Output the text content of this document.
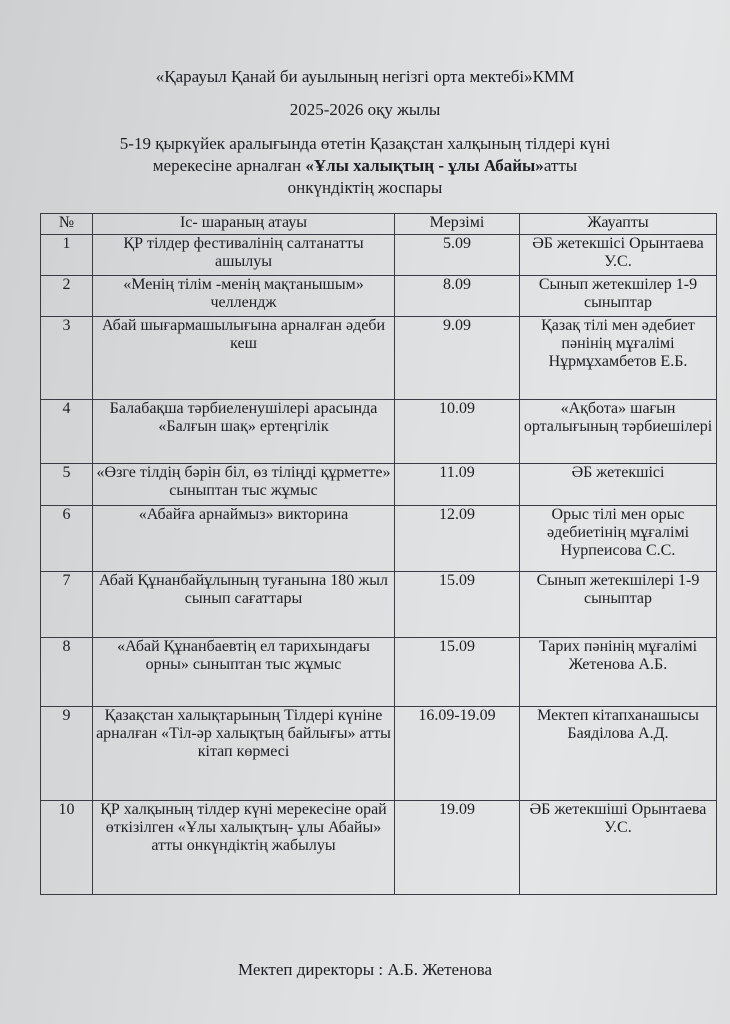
«Қарауыл Қанай би ауылының негізгі орта мектебі»КММ
2025-2026 оқу жылы
5-19 қыркүйек аралығында өтетін Қазақстан халқының тілдері күні
мерекесіне арналған «Ұлы халықтың - ұлы Абайы»атты
онкүндіктің жоспары
№	Іс- шараның атауы	Мерзімі	Жауапты
1	ҚР тілдер фестивалінің салтанатты ашылуы	5.09	ӘБ жетекшісі Орынтаева У.С.
2	«Менің тілім -менің мақтанышым» челлендж	8.09	Сынып жетекшілер 1-9 сыныптар
3	Абай шығармашылығына арналған әдеби кеш	9.09	Қазақ тілі мен әдебиет пәнінің мұғалімі Нұрмұхамбетов Е.Б.
4	Балабақша тәрбиеленушілері арасында «Балғын шақ» ертеңгілік	10.09	«Ақбота» шағын орталығының тәрбиешілері
5	«Өзге тілдің бәрін біл, өз тіліңді құрметте» сыныптан тыс жұмыс	11.09	ӘБ жетекшісі
6	«Абайға арнаймыз» викторина	12.09	Орыс тілі мен орыс әдебиетінің мұғалімі Нурпеисова С.С.
7	Абай Құнанбайұлының туғанына 180 жыл сынып сағаттары	15.09	Сынып жетекшілері 1-9 сыныптар
8	«Абай Құнанбаевтің ел тарихындағы орны» сыныптан тыс жұмыс	15.09	Тарих пәнінің мұғалімі Жетенова А.Б.
9	Қазақстан халықтарының Тілдері күніне арналған «Тіл-әр халықтың байлығы» атты кітап көрмесі	16.09-19.09	Мектеп кітапханашысы Баяділова А.Д.
10	ҚР халқының тілдер күні мерекесіне орай өткізілген «Ұлы халықтың- ұлы Абайы» атты онкүндіктің жабылуы	19.09	ӘБ жетекшіші Орынтаева У.С.
Мектеп директоры : А.Б. Жетенова
